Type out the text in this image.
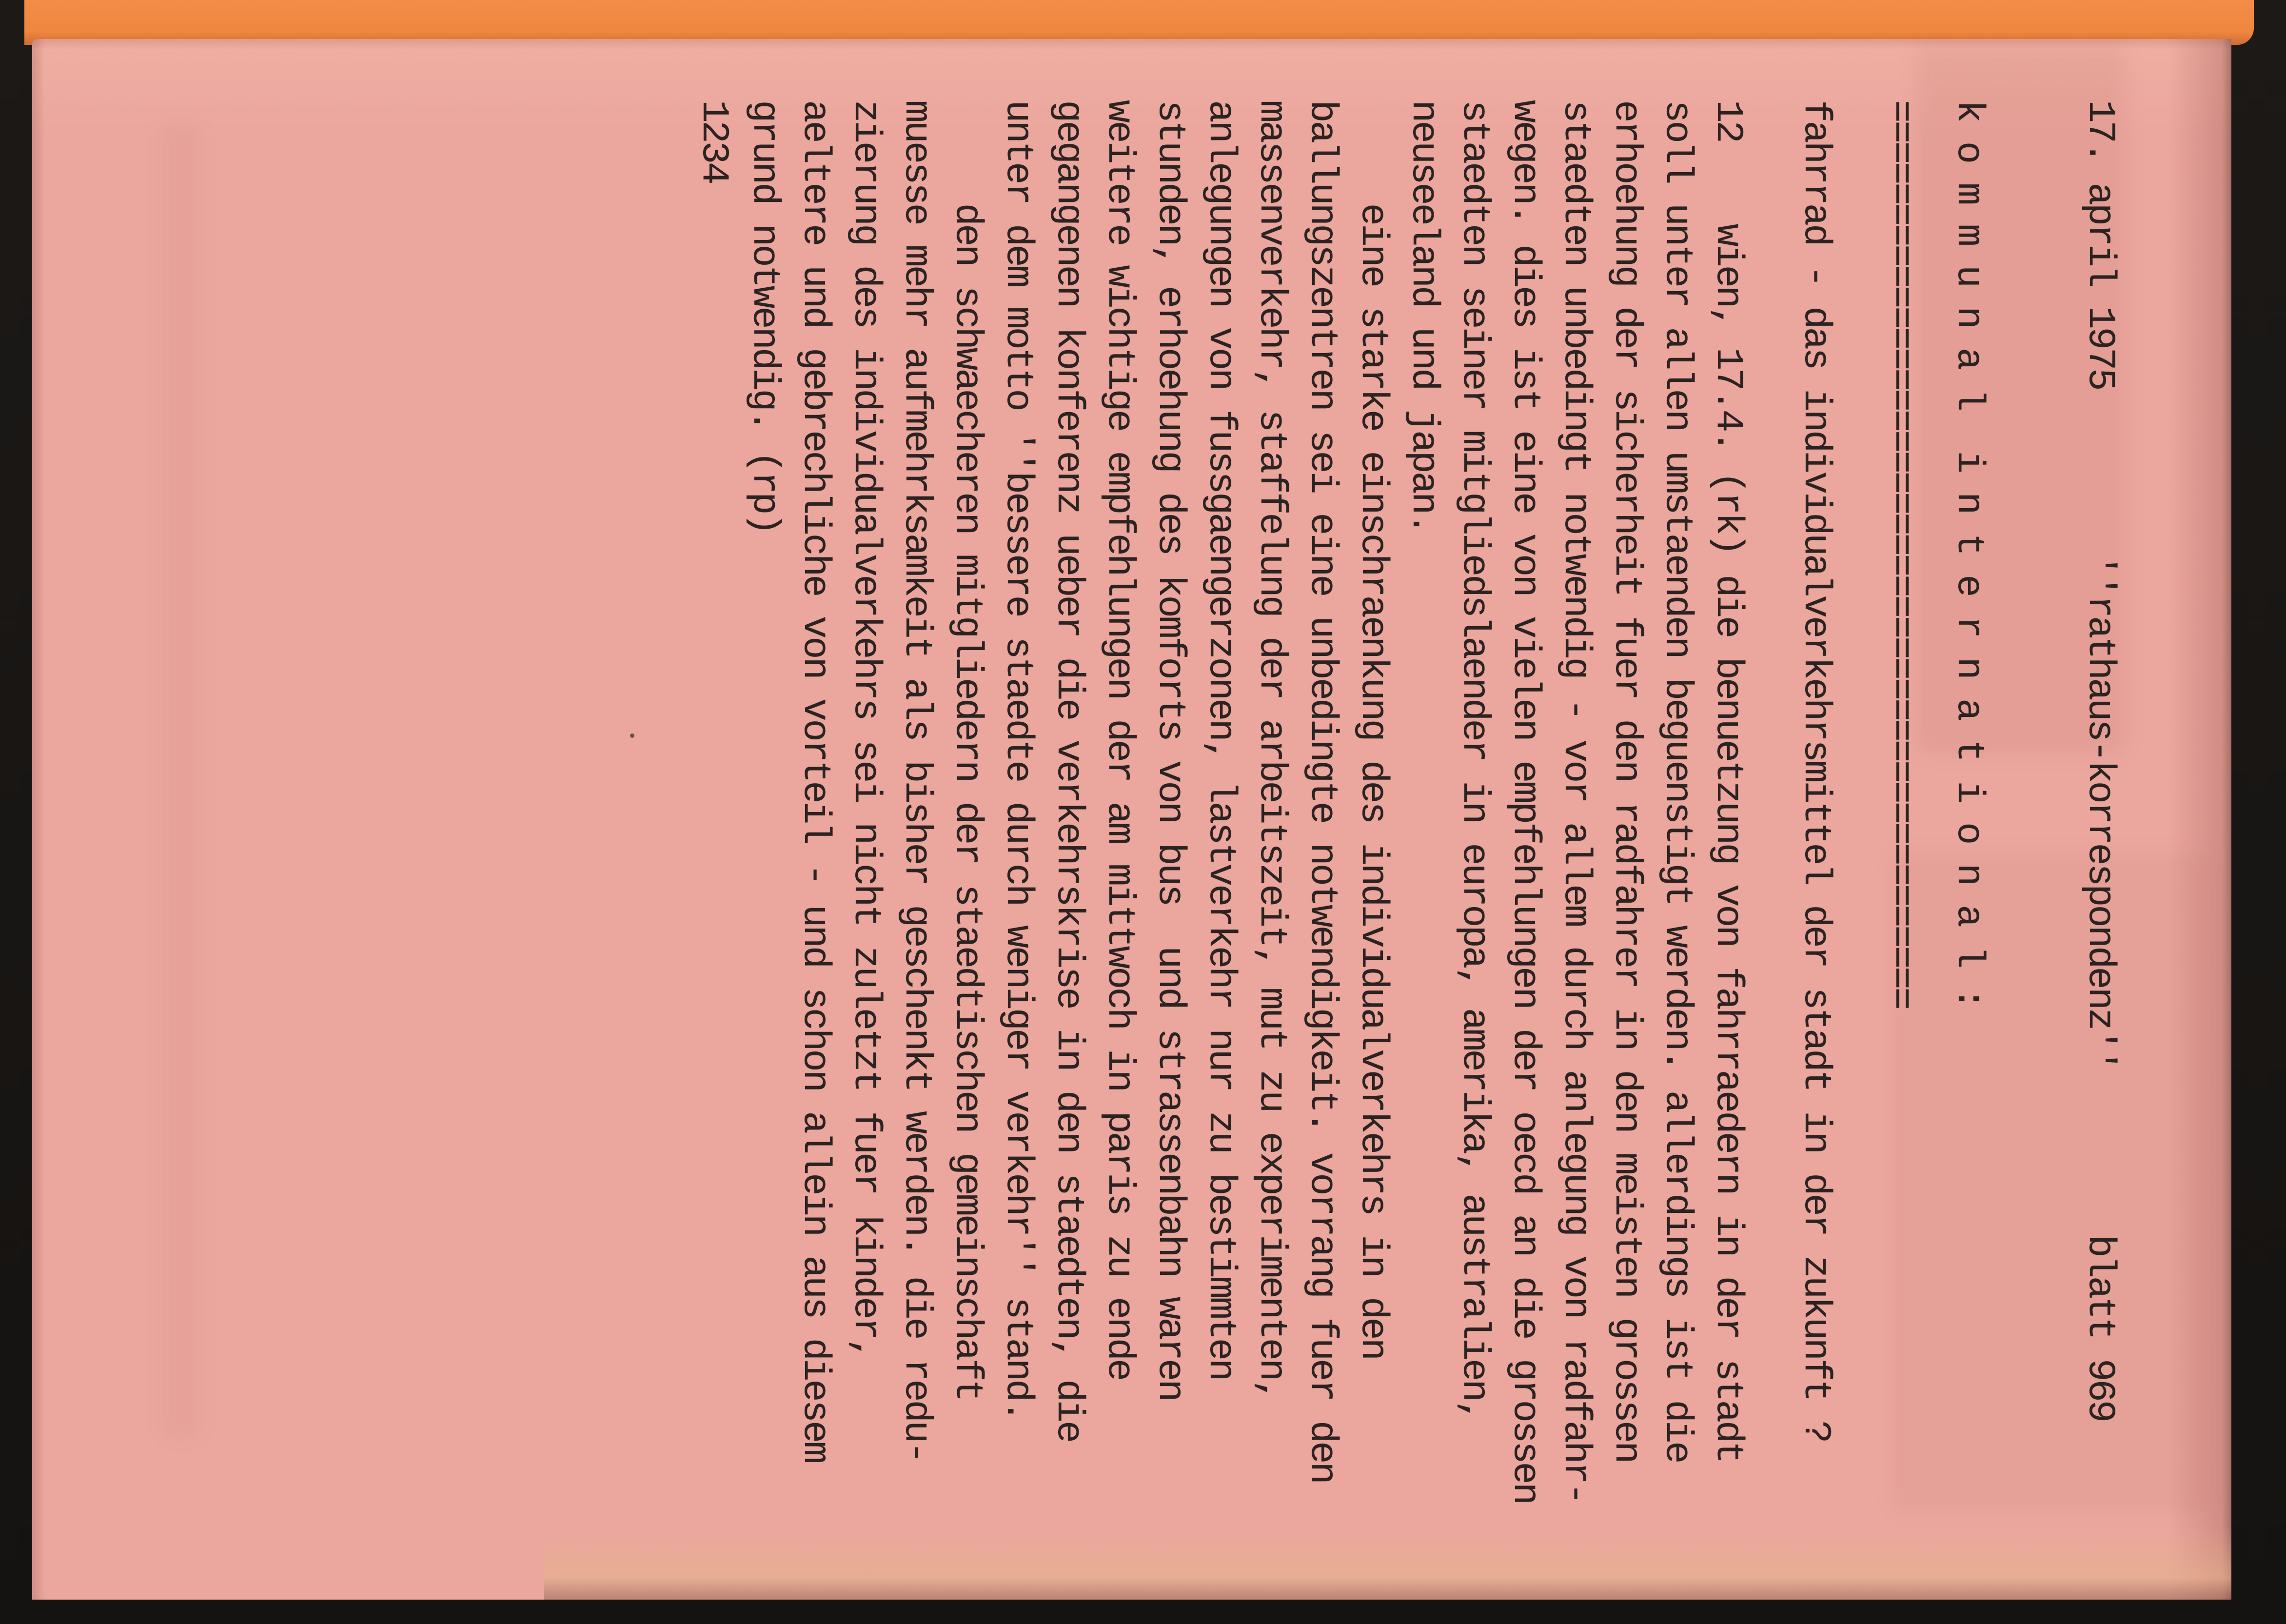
17. april 1975

''rathaus-korrespondenz''

blatt 969

k o m m u n a l  i n t e r n a t i o n a l :
============================================
fahrrad - das individualverkehrsmittel der stadt in der zukunft ?
12    wien, 17.4. (rk) die benuetzung von fahrraedern in der stadt
soll unter allen umstaenden beguenstigt werden. allerdings ist die
erhoehung der sicherheit fuer den radfahrer in den meisten grossen
staedten unbedingt notwendig - vor allem durch anlegung von radfahr-
wegen. dies ist eine von vielen empfehlungen der oecd an die grossen
staedten seiner mitgliedslaender in europa, amerika, australien,
neuseeland und japan.
eine starke einschraenkung des individualverkehrs in den
ballungszentren sei eine unbedingte notwendigkeit. vorrang fuer den
massenverkehr, staffelung der arbeitszeit, mut zu experimenten,
anlegungen von fussgaengerzonen, lastverkehr nur zu bestimmten
stunden, erhoehung des komforts von bus  und strassenbahn waren
weitere wichtige empfehlungen der am mittwoch in paris zu ende
gegangenen konferenz ueber die verkehrskrise in den staedten, die
unter dem motto ''bessere staedte durch weniger verkehr'' stand.
den schwaecheren mitgliedern der staedtischen gemeinschaft
muesse mehr aufmehrksamkeit als bisher geschenkt werden. die redu-
zierung des individualverkehrs sei nicht zuletzt fuer kinder,
aeltere und gebrechliche von vorteil - und schon allein aus diesem
grund notwendig. (rp)
1234
